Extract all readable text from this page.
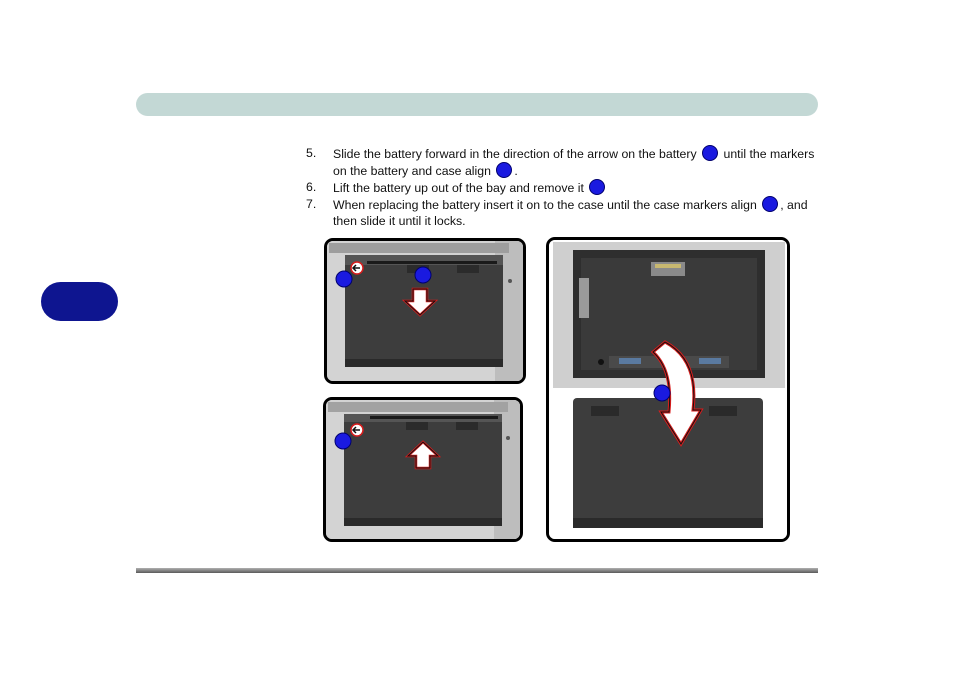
5.	Slide the battery forward in the direction of the arrow on the battery until the markers on the battery and case align .
6.	Lift the battery up out of the bay and remove it
7.	When replacing the battery insert it on to the case until the case markers align , and then slide it until it locks.
